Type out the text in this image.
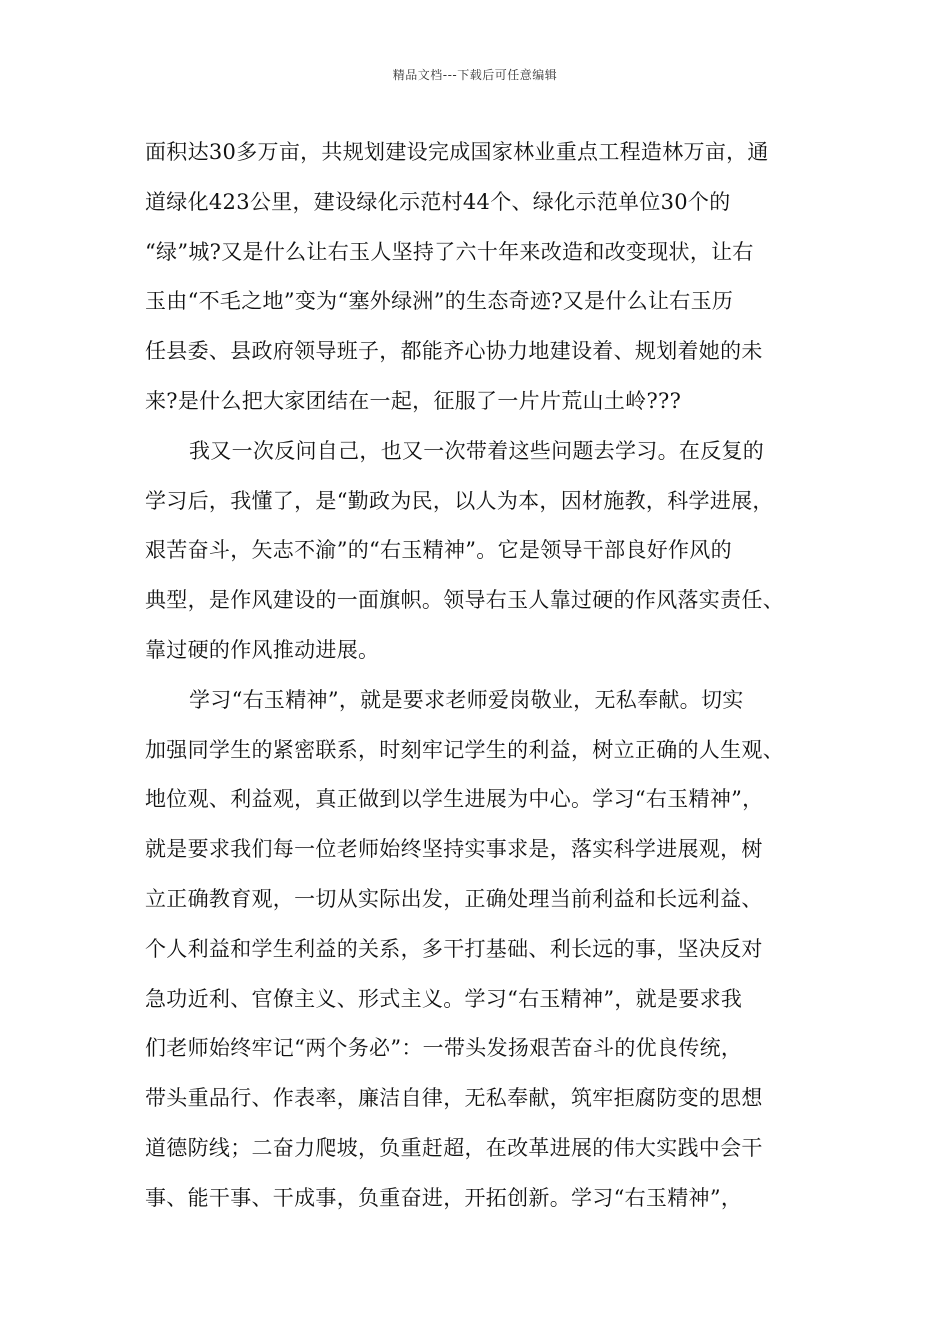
精品文档---下载后可任意编辑
面积达30多万亩，共规划建设完成国家林业重点工程造林万亩，通
道绿化423公里，建设绿化示范村44个、绿化示范单位30个的
“绿”城?又是什么让右玉人坚持了六十年来改造和改变现状，让右
玉由“不毛之地”变为“塞外绿洲”的生态奇迹?又是什么让右玉历
任县委、县政府领导班子，都能齐心协力地建设着、规划着她的未
来?是什么把大家团结在一起，征服了一片片荒山土岭???
我又一次反问自己，也又一次带着这些问题去学习。在反复的
学习后，我懂了，是“勤政为民，以人为本，因材施教，科学进展，
艰苦奋斗，矢志不渝”的“右玉精神”。它是领导干部良好作风的
典型，是作风建设的一面旗帜。领导右玉人靠过硬的作风落实责任、
靠过硬的作风推动进展。
学习“右玉精神”，就是要求老师爱岗敬业，无私奉献。切实
加强同学生的紧密联系，时刻牢记学生的利益，树立正确的人生观、
地位观、利益观，真正做到以学生进展为中心。学习“右玉精神”，
就是要求我们每一位老师始终坚持实事求是，落实科学进展观，树
立正确教育观，一切从实际出发，正确处理当前利益和长远利益、
个人利益和学生利益的关系，多干打基础、利长远的事，坚决反对
急功近利、官僚主义、形式主义。学习“右玉精神”，就是要求我
们老师始终牢记“两个务必”：一带头发扬艰苦奋斗的优良传统，
带头重品行、作表率，廉洁自律，无私奉献，筑牢拒腐防变的思想
道德防线；二奋力爬坡，负重赶超，在改革进展的伟大实践中会干
事、能干事、干成事，负重奋进，开拓创新。学习“右玉精神”，
